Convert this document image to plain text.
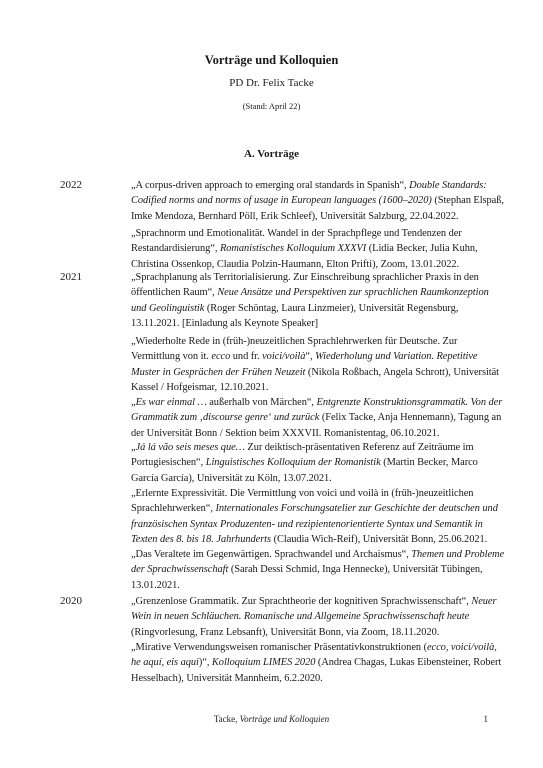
Vorträge und Kolloquien
PD Dr. Felix Tacke
(Stand: April 22)
A. Vorträge
2022
2021
2020
„A corpus-driven approach to emerging oral standards in Spanish“, Double Standards: Codified norms and norms of usage in European languages (1600–2020) (Stephan Elspaß, Imke Mendoza, Bernhard Pöll, Erik Schleef), Universität Salzburg, 22.04.2022.
„Sprachnorm und Emotionalität. Wandel in der Sprachpflege und Tendenzen der Restandardisierung“, Romanistisches Kolloquium XXXVI (Lidia Becker, Julia Kuhn, Christina Ossenkop, Claudia Polzin-Haumann, Elton Prifti), Zoom, 13.01.2022.
„Sprachplanung als Territorialisierung. Zur Einschreibung sprachlicher Praxis in den öffentlichen Raum“, Neue Ansätze und Perspektiven zur sprachlichen Raumkonzeption und Geolinguistik (Roger Schöntag, Laura Linzmeier), Universität Regensburg, 13.11.2021. [Einladung als Keynote Speaker]
„Wiederholte Rede in (früh-)neuzeitlichen Sprachlehrwerken für Deutsche. Zur Vermittlung von it. ecco und fr. voici/voilà“, Wiederholung und Variation. Repetitive Muster in Gesprächen der Frühen Neuzeit (Nikola Roßbach, Angela Schrott), Universität Kassel / Hofgeismar, 12.10.2021.
„Es war einmal … außerhalb von Märchen“, Entgrenzte Konstruktionsgrammatik. Von der Grammatik zum ‚discourse genre‘ und zurück (Felix Tacke, Anja Hennemann), Tagung an der Universität Bonn / Sektion beim XXXVII. Romanistentag, 06.10.2021.
„Já lá vão seis meses que… Zur deiktisch-präsentativen Referenz auf Zeiträume im Portugiesischen“, Linguistisches Kolloquium der Romanistik (Martin Becker, Marco García García), Universität zu Köln, 13.07.2021.
„Erlernte Expressivität. Die Vermittlung von voici und voilà in (früh-)neuzeitlichen Sprachlehrwerken“, Internationales Forschungsatelier zur Geschichte der deutschen und französischen Syntax Produzenten- und rezipientenorientierte Syntax und Semantik in Texten des 8. bis 18. Jahrhunderts (Claudia Wich-Reif), Universität Bonn, 25.06.2021.
„Das Veraltete im Gegenwärtigen. Sprachwandel und Archaismus“, Themen und Probleme der Sprachwissenschaft (Sarah Dessì Schmid, Inga Hennecke), Universität Tübingen, 13.01.2021.
„Grenzenlose Grammatik. Zur Sprachtheorie der kognitiven Sprachwissenschaft“, Neuer Wein in neuen Schläuchen. Romanische und Allgemeine Sprachwissenschaft heute (Ringvorlesung, Franz Lebsanft), Universität Bonn, via Zoom, 18.11.2020.
„Mirative Verwendungsweisen romanischer Präsentativkonstruktionen (ecco, voici/voilà, he aquí, eis aqui)“, Kolloquium LIMES 2020 (Andrea Chagas, Lukas Eibensteiner, Robert Hesselbach), Universität Mannheim, 6.2.2020.
Tacke, Vorträge und Kolloquien	1
